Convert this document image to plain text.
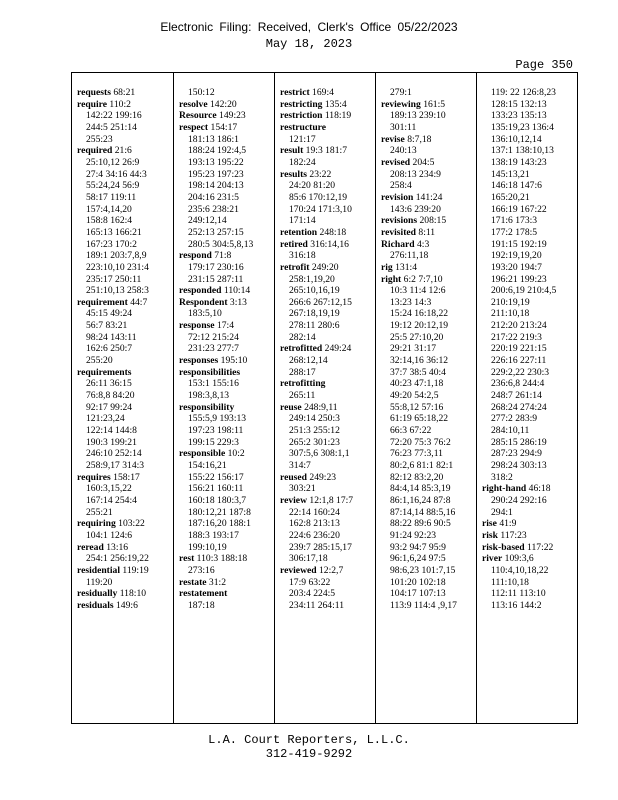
Electronic Filing: Received, Clerk's Office 05/22/2023
May 18, 2023
Page 350
requests 68:21
require 110:2
142:22 199:16
244:5 251:14
255:23
required 21:6
25:10,12 26:9
27:4 34:16 44:3
55:24,24 56:9
58:17 119:11
157:4,14,20
158:8 162:4
165:13 166:21
167:23 170:2
189:1 203:7,8,9
223:10,10 231:4
235:17 250:11
251:10,13 258:3
requirement 44:7
45:15 49:24
56:7 83:21
98:24 143:11
162:6 250:7
255:20
requirements
26:11 36:15
76:8,8 84:20
92:17 99:24
121:23,24
122:14 144:8
190:3 199:21
246:10 252:14
258:9,17 314:3
requires 158:17
160:3,15,22
167:14 254:4
255:21
requiring 103:22
104:1 124:6
reread 13:16
254:1 256:19,22
residential 119:19
119:20
residually 118:10
residuals 149:6
150:12
resolve 142:20
Resource 149:23
respect 154:17
181:13 186:1
188:24 192:4,5
193:13 195:22
195:23 197:23
198:14 204:13
204:16 231:5
235:6 238:21
249:12,14
252:13 257:15
280:5 304:5,8,13
respond 71:8
179:17 230:16
231:15 287:11
responded 110:14
Respondent 3:13
183:5,10
response 17:4
72:12 215:24
231:23 277:7
responses 195:10
responsibilities
153:1 155:16
198:3,8,13
responsibility
155:5,9 193:13
197:23 198:11
199:15 229:3
responsible 10:2
154:16,21
155:22 156:17
156:21 160:11
160:18 180:3,7
180:12,21 187:8
187:16,20 188:1
188:3 193:17
199:10,19
rest 110:3 188:18
273:16
restate 31:2
restatement
187:18
restrict 169:4
restricting 135:4
restriction 118:19
restructure
121:17
result 19:3 181:7
182:24
results 23:22
24:20 81:20
85:6 170:12,19
170:24 171:3,10
171:14
retention 248:18
retired 316:14,16
316:18
retrofit 249:20
258:1,19,20
265:10,16,19
266:6 267:12,15
267:18,19,19
278:11 280:6
282:14
retrofitted 249:24
268:12,14
288:17
retrofitting
265:11
reuse 248:9,11
249:14 250:3
251:3 255:12
265:2 301:23
307:5,6 308:1,1
314:7
reused 249:23
303:21
review 12:1,8 17:7
22:14 160:24
162:8 213:13
224:6 236:20
239:7 285:15,17
306:17,18
reviewed 12:2,7
17:9 63:22
203:4 224:5
234:11 264:11
279:1
reviewing 161:5
189:13 239:10
301:11
revise 8:7,18
240:13
revised 204:5
208:13 234:9
258:4
revision 141:24
143:6 239:20
revisions 208:15
revisited 8:11
Richard 4:3
276:11,18
rig 131:4
right 6:2 7:7,10
10:3 11:4 12:6
13:23 14:3
15:24 16:18,22
19:12 20:12,19
25:5 27:10,20
29:21 31:17
32:14,16 36:12
37:7 38:5 40:4
40:23 47:1,18
49:20 54:2,5
55:8,12 57:16
61:19 65:18,22
66:3 67:22
72:20 75:3 76:2
76:23 77:3,11
80:2,6 81:1 82:1
82:12 83:2,20
84:4,14 85:3,19
86:1,16,24 87:8
87:14,14 88:5,16
88:22 89:6 90:5
91:24 92:23
93:2 94:7 95:9
96:1,6,24 97:5
98:6,23 101:7,15
101:20 102:18
104:17 107:13
113:9 114:4 ,9,17
119: 22 126:8,23
128:15 132:13
133:23 135:13
135:19,23 136:4
136:10,12,14
137:1 138:10,13
138:19 143:23
145:13,21
146:18 147:6
165:20,21
166:19 167:22
171:6 173:3
177:2 178:5
191:15 192:19
192:19,19,20
193:20 194:7
196:21 199:23
200:6,19 210:4,5
210:19,19
211:10,18
212:20 213:24
217:22 219:3
220:19 221:15
226:16 227:11
229:2,22 230:3
236:6,8 244:4
248:7 261:14
268:24 274:24
277:2 283:9
284:10,11
285:15 286:19
287:23 294:9
298:24 303:13
318:2
right-hand 46:18
290:24 292:16
294:1
rise 41:9
risk 117:23
risk-based 117:22
river 109:3,6
110:4,10,18,22
111:10,18
112:11 113:10
113:16 144:2
L.A. Court Reporters, L.L.C.
312-419-9292
